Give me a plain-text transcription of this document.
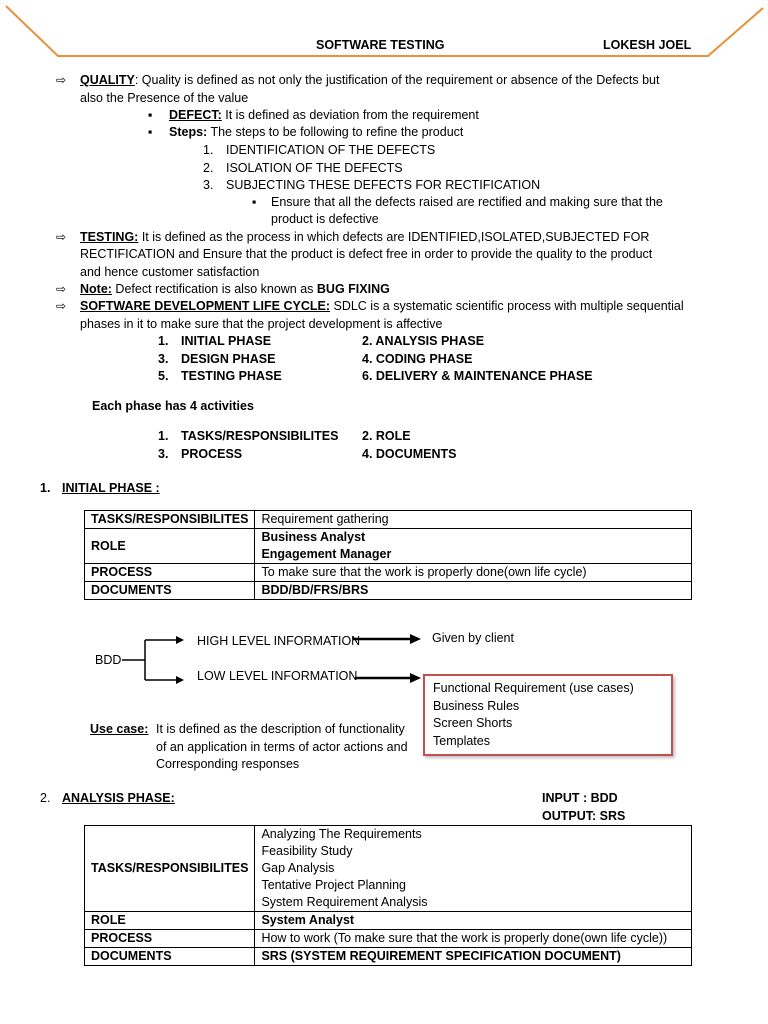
SOFTWARE TESTING	LOKESH JOEL
⇨ QUALITY: Quality is defined as not only the justification of the requirement or absence of the Defects but
also the Presence of the value
▪ DEFECT: It is defined as deviation from the requirement
▪ Steps: The steps to be following to refine the product
1. IDENTIFICATION OF THE DEFECTS
2. ISOLATION OF THE DEFECTS
3. SUBJECTING THESE DEFECTS FOR RECTIFICATION
▪ Ensure that all the defects raised are rectified and making sure that the
product is defective
⇨ TESTING: It is defined as the process in which defects are IDENTIFIED,ISOLATED,SUBJECTED FOR
RECTIFICATION and Ensure that the product is defect free in order to provide the quality to the product
and hence customer satisfaction
⇨ Note: Defect rectification is also known as BUG FIXING
⇨ SOFTWARE DEVELOPMENT LIFE CYCLE: SDLC is a systematic scientific process with multiple sequential
phases in it to make sure that the project development is affective
1. INITIAL PHASE	2. ANALYSIS PHASE
3. DESIGN PHASE	4. CODING PHASE
5. TESTING PHASE	6. DELIVERY & MAINTENANCE PHASE
Each phase has 4 activities
1. TASKS/RESPONSIBILITES 2. ROLE
3. PROCESS	4. DOCUMENTS
1. INITIAL PHASE :
TASKS/RESPONSIBILITES	Requirement gathering
ROLE	Business Analyst
Engagement Manager

PROCESS	To make sure that the work is properly done(own life cycle)
DOCUMENTS	BDD/BD/FRS/BRS
BDD
HIGH LEVEL INFORMATION
LOW LEVEL INFORMATION
Given by client
Functional Requirement (use cases)
Business Rules
Screen Shorts
Templates
Use case: It is defined as the description of functionality
of an application in terms of actor actions and
Corresponding responses
2. ANALYSIS PHASE:	INPUT : BDD
OUTPUT: SRS
TASKS/RESPONSIBILITES	Analyzing The Requirements
Feasibility Study
Gap Analysis
Tentative Project Planning
System Requirement Analysis

ROLE	System Analyst
PROCESS	How to work (To make sure that the work is properly done(own life cycle))
DOCUMENTS	SRS (SYSTEM REQUIREMENT SPECIFICATION DOCUMENT)
